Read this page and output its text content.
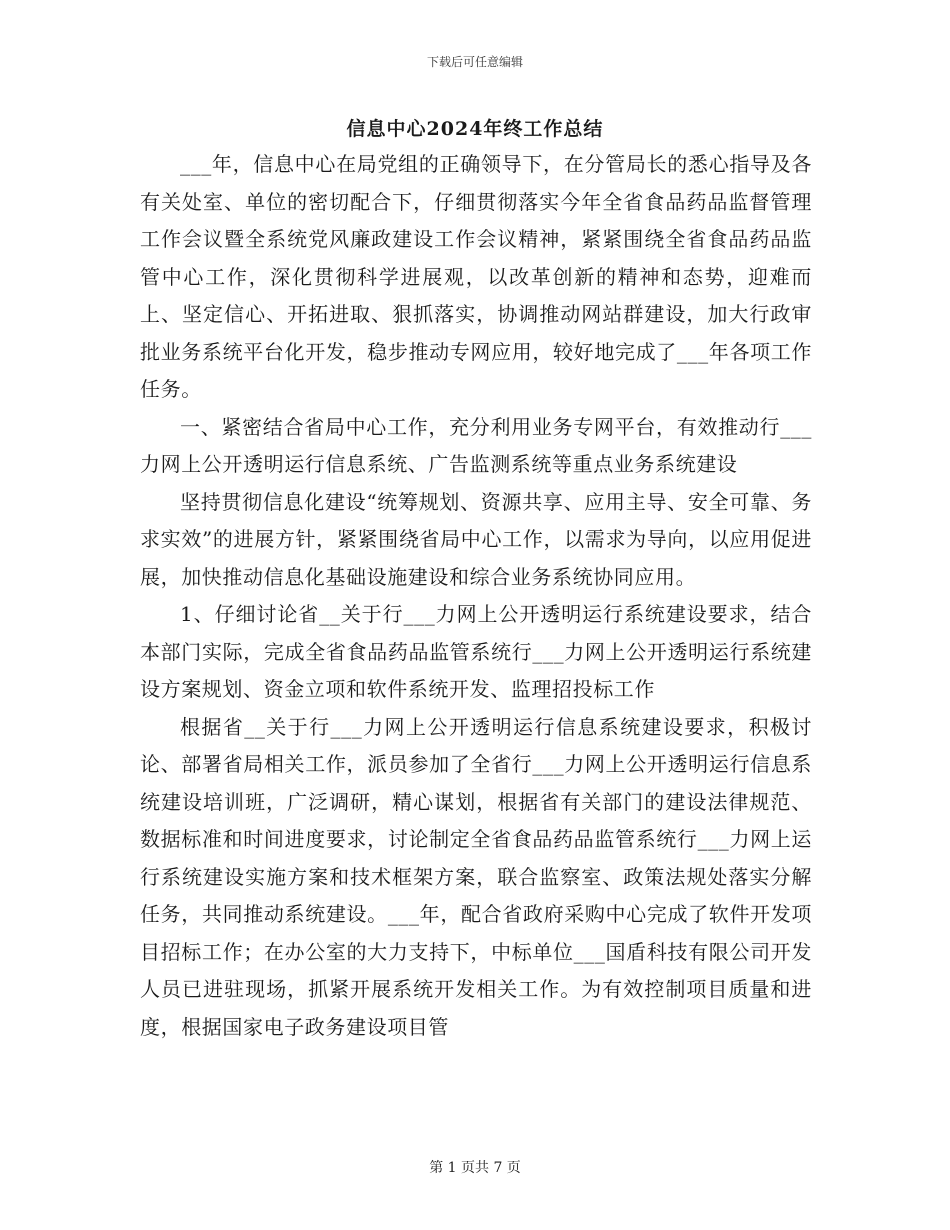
下载后可任意编辑
信息中心2024年终工作总结

___年，信息中心在局党组的正确领导下，在分管局长的悉心指导及各有关处室、单位的密切配合下，仔细贯彻落实今年全省食品药品监督管理工作会议暨全系统党风廉政建设工作会议精神，紧紧围绕全省食品药品监管中心工作，深化贯彻科学进展观，以改革创新的精神和态势，迎难而上、坚定信心、开拓进取、狠抓落实，协调推动网站群建设，加大行政审批业务系统平台化开发，稳步推动专网应用，较好地完成了___年各项工作任务。

一、紧密结合省局中心工作，充分利用业务专网平台，有效推动行___力网上公开透明运行信息系统、广告监测系统等重点业务系统建设

坚持贯彻信息化建设“统筹规划、资源共享、应用主导、安全可靠、务求实效”的进展方针，紧紧围绕省局中心工作，以需求为导向，以应用促进展，加快推动信息化基础设施建设和综合业务系统协同应用。

1、仔细讨论省__关于行___力网上公开透明运行系统建设要求，结合本部门实际，完成全省食品药品监管系统行___力网上公开透明运行系统建设方案规划、资金立项和软件系统开发、监理招投标工作

根据省__关于行___力网上公开透明运行信息系统建设要求，积极讨论、部署省局相关工作，派员参加了全省行___力网上公开透明运行信息系统建设培训班，广泛调研，精心谋划，根据省有关部门的建设法律规范、数据标准和时间进度要求，讨论制定全省食品药品监管系统行___力网上运行系统建设实施方案和技术框架方案，联合监察室、政策法规处落实分解任务，共同推动系统建设。___年，配合省政府采购中心完成了软件开发项目招标工作；在办公室的大力支持下，中标单位___国盾科技有限公司开发人员已进驻现场，抓紧开展系统开发相关工作。为有效控制项目质量和进度，根据国家电子政务建设项目管

第 1 页共 7 页
